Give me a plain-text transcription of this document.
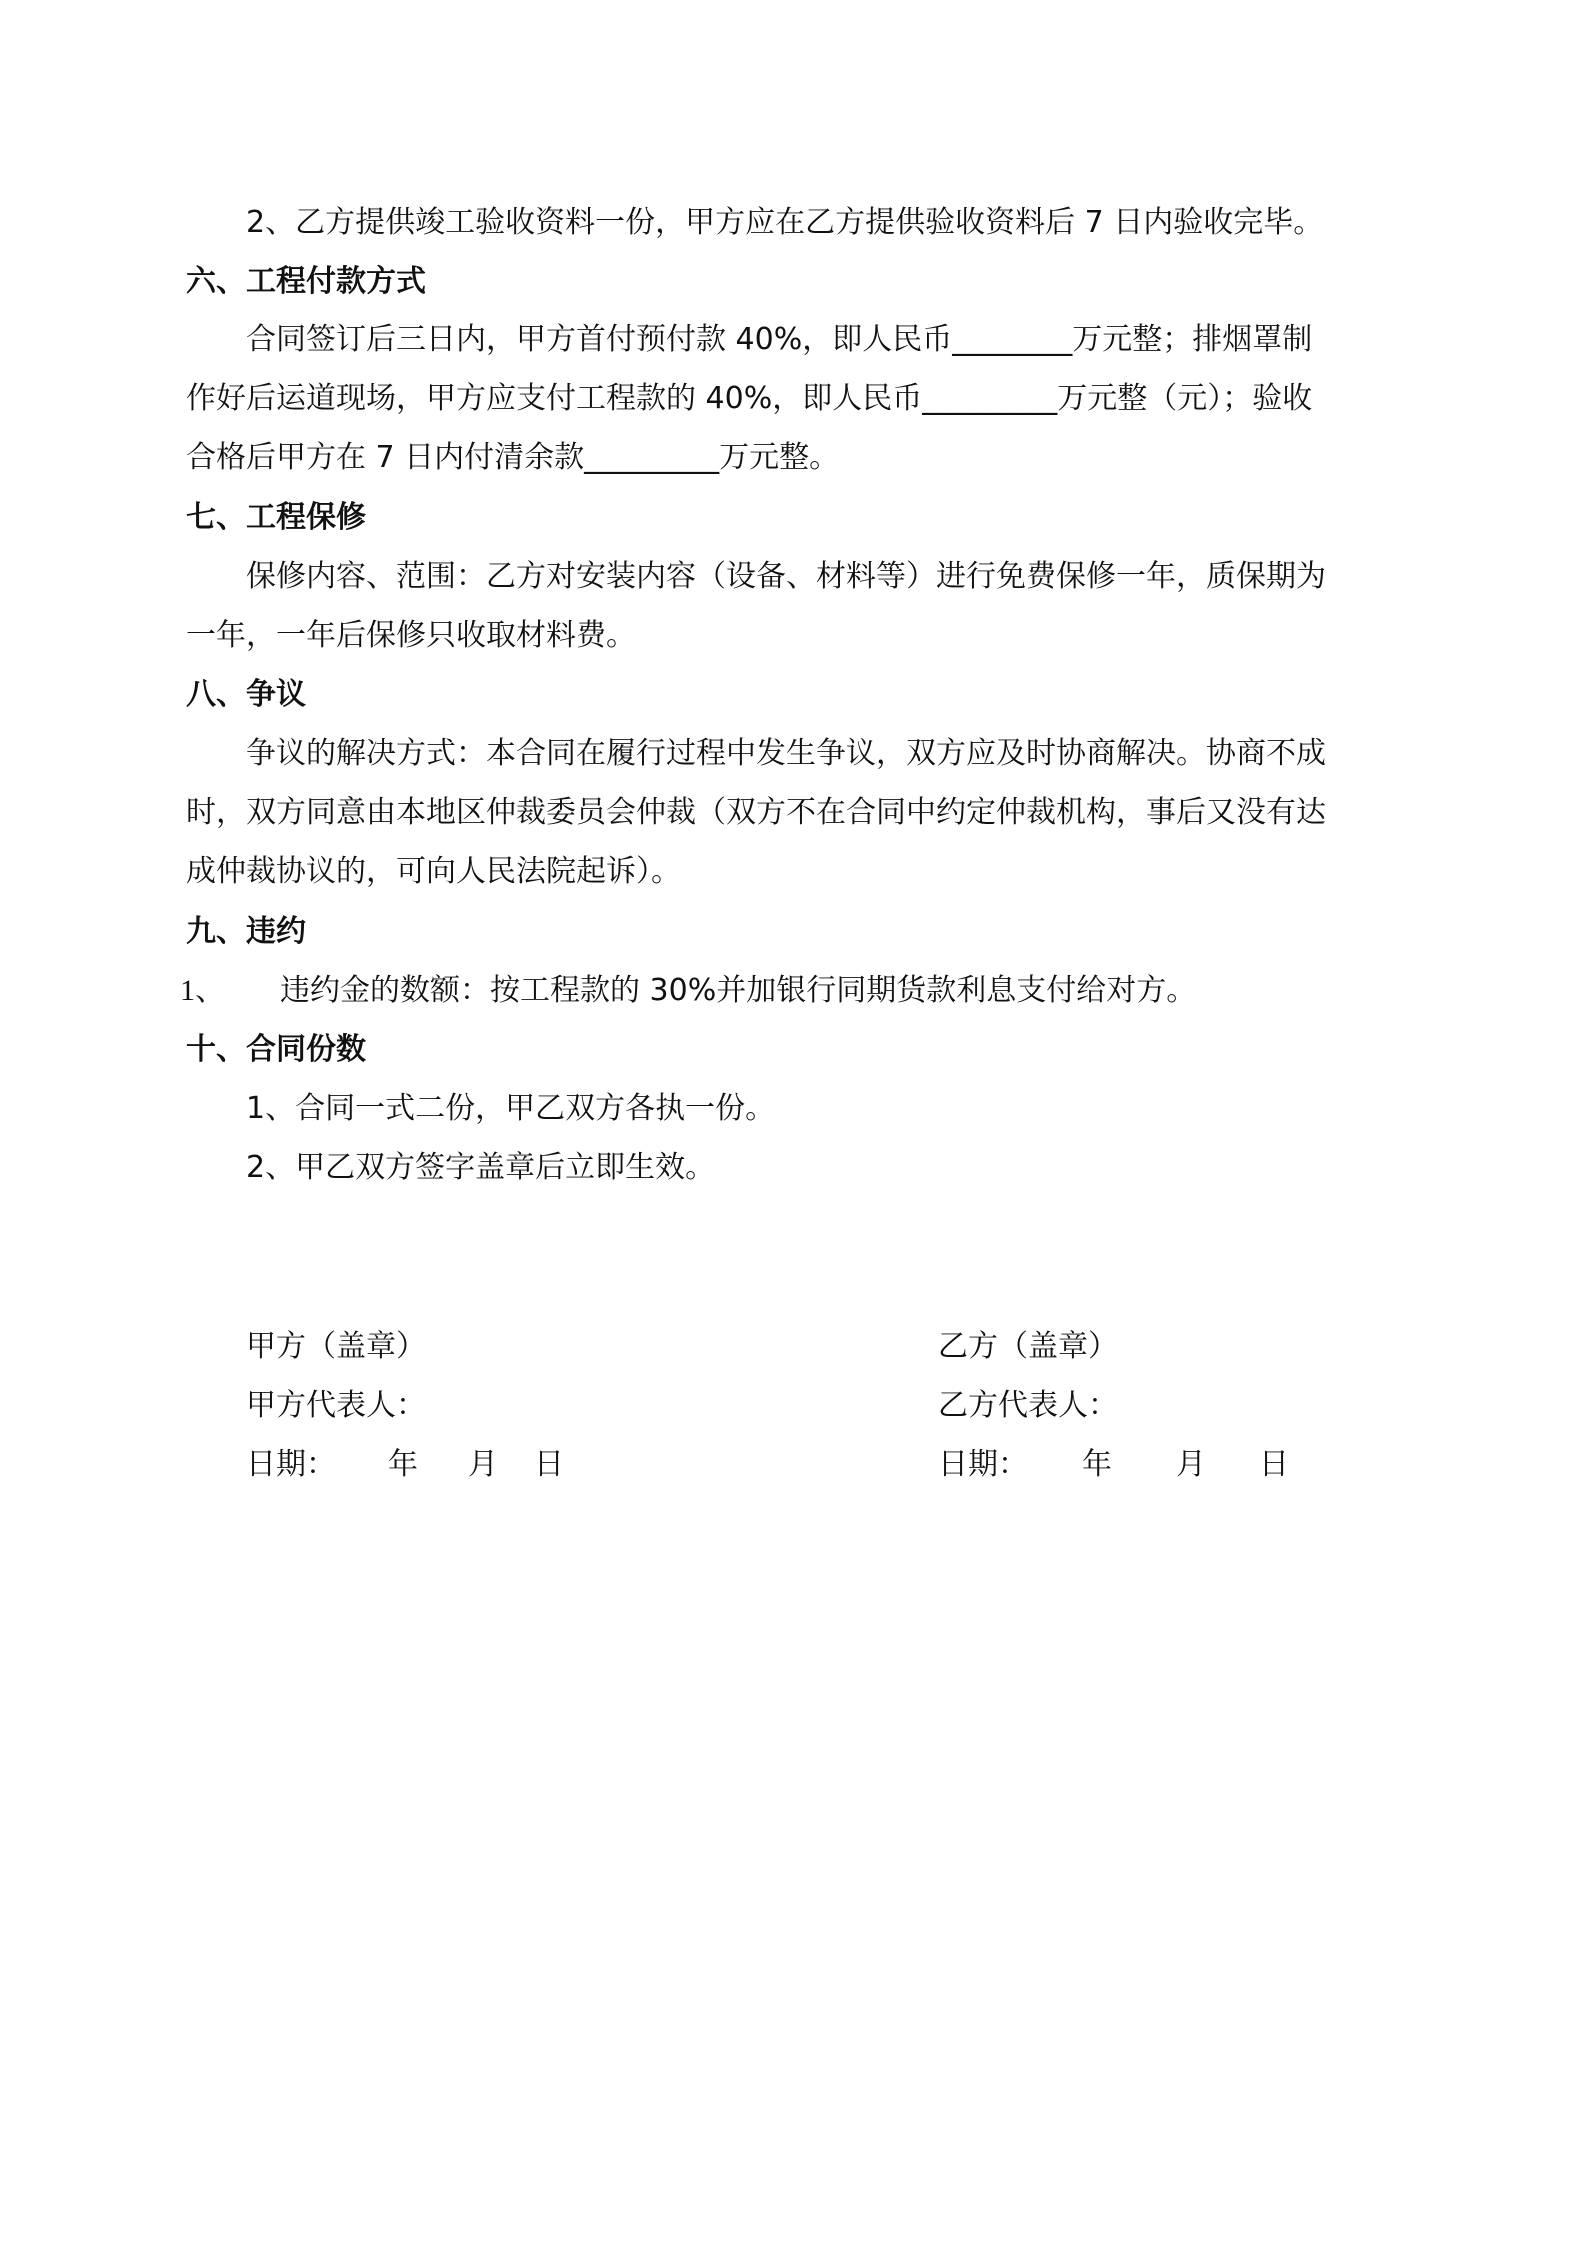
2、乙方提供竣工验收资料一份，甲方应在乙方提供验收资料后 7 日内验收完毕。
六、工程付款方式
合同签订后三日内，甲方首付预付款 40%，即人民币________万元整；排烟罩制
作好后运道现场，甲方应支付工程款的 40%，即人民币_________万元整（元）；验收
合格后甲方在 7 日内付清余款_________万元整。
七、工程保修
保修内容、范围：乙方对安装内容（设备、材料等）进行免费保修一年，质保期为
一年，一年后保修只收取材料费。
八、争议
争议的解决方式：本合同在履行过程中发生争议，双方应及时协商解决。协商不成
时，双方同意由本地区仲裁委员会仲裁（双方不在合同中约定仲裁机构，事后又没有达
成仲裁协议的，可向人民法院起诉）。
九、违约
1、 违约金的数额：按工程款的 30%并加银行同期货款利息支付给对方。
十、合同份数
1、合同一式二份，甲乙双方各执一份。
2、甲乙双方签字盖章后立即生效。
甲方（盖章）
甲方代表人：
日期： 年 月 日
乙方（盖章）
乙方代表人：
日期： 年 月 日
